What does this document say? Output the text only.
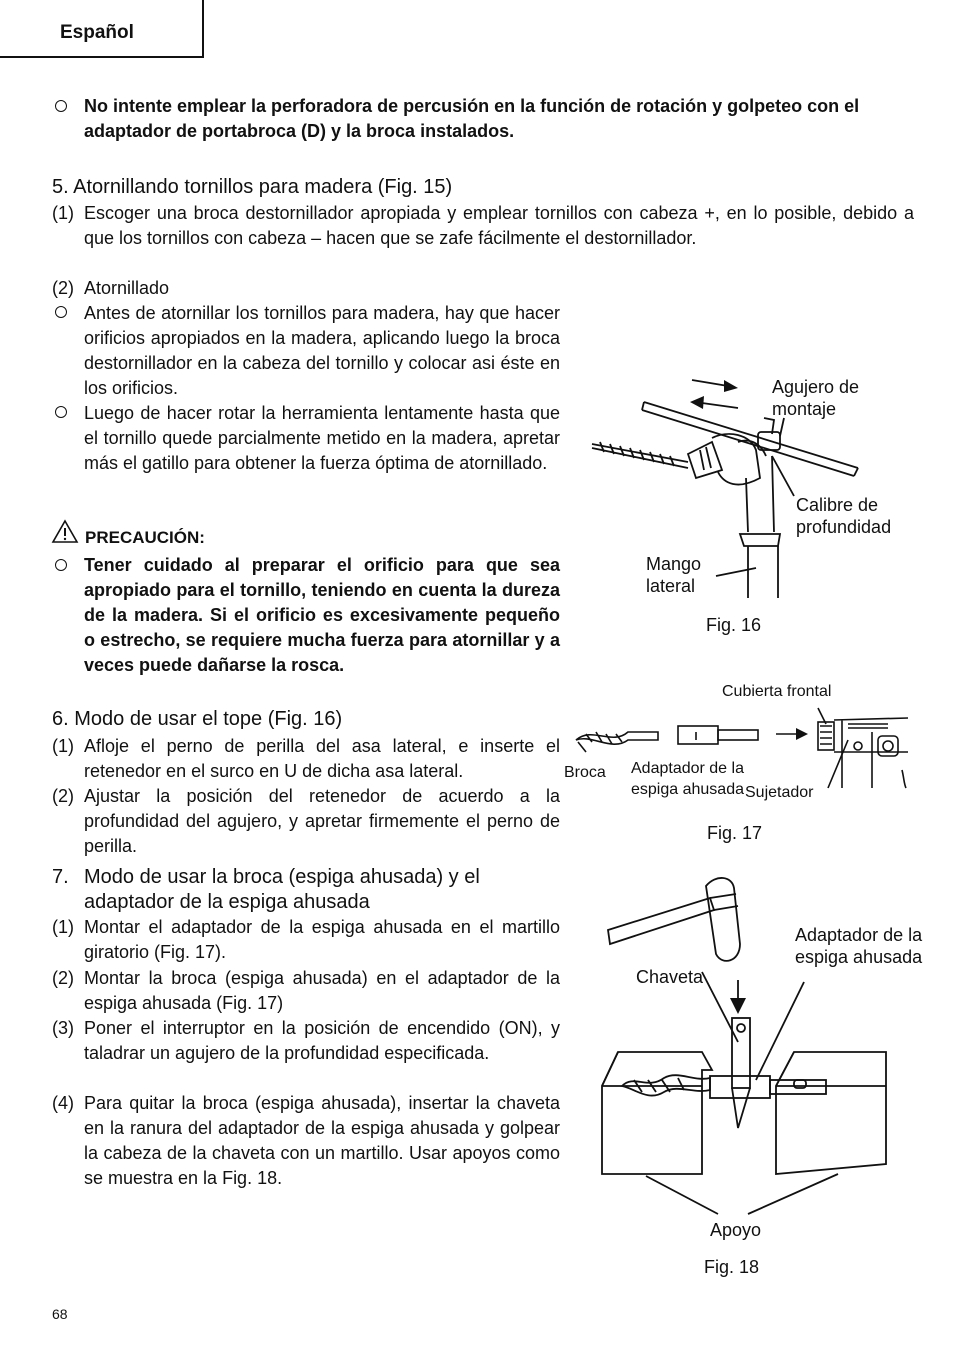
Español
No intente emplear la perforadora de percusión en la función de rotación y golpeteo con el adaptador de portabroca (D) y la broca instalados.
5. Atornillando tornillos para madera (Fig. 15)
(1) Escoger una broca destornillador apropiada y emplear tornillos con cabeza +, en lo posible, debido a que los tornillos con cabeza – hacen que se zafe fácilmente el destornillador.
(2) Atornillado
Antes de atornillar los tornillos para madera, hay que hacer orificios apropiados en la madera, aplicando luego la broca destornillador en la cabeza del tornillo y colocar asi éste en los orificios.
Luego de hacer rotar la herramienta lentamente hasta que el tornillo quede parcialmente metido en la madera, apretar más el gatillo para obtener la fuerza óptima de atornillado.
PRECAUCIÓN:
Tener cuidado al preparar el orificio para que sea apropiado para el tornillo, teniendo en cuenta la dureza de la madera. Si el orificio es excesivamente pequeño o estrecho, se requiere mucha fuerza para atornillar y a veces puede dañarse la rosca.
6. Modo de usar el tope (Fig. 16)
(1) Afloje el perno de perilla del asa lateral, e inserte el retenedor en el surco en U de dicha asa lateral.
(2) Ajustar la posición del retenedor de acuerdo a la profundidad del agujero, y apretar firmemente el perno de perilla.
7. Modo de usar la broca (espiga ahusada) y el adaptador de la espiga ahusada
(1) Montar el adaptador de la espiga ahusada en el martillo giratorio (Fig. 17).
(2) Montar la broca (espiga ahusada) en el adaptador de la espiga ahusada (Fig. 17)
(3) Poner el interruptor en la posición de encendido (ON), y taladrar un agujero de la profundidad especificada.
(4) Para quitar la broca (espiga ahusada), insertar la chaveta en la ranura del adaptador de la espiga ahusada y golpear la cabeza de la chaveta con un martillo. Usar apoyos como se muestra en la Fig. 18.
Agujero de montaje
Calibre de profundidad
Mango lateral
Fig. 16
Cubierta frontal
Broca Adaptador de la espiga ahusada Sujetador
Fig. 17
Adaptador de la espiga ahusada
Chaveta
Apoyo
Fig. 18
68
